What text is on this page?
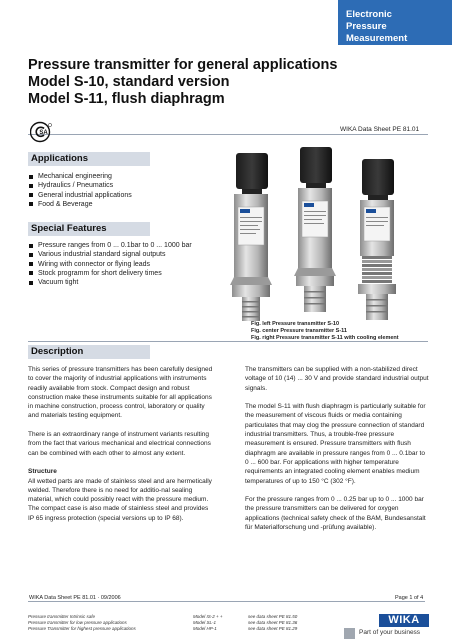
Electronic
Pressure Measurement
Pressure transmitter for general applications
Model S-10, standard version
Model S-11, flush diaphragm
WIKA Data Sheet PE 81.01
SA
Applications
Mechanical engineering
Hydraulics / Pneumatics
General industrial applications
Food & Beverage
Special Features
Pressure ranges from 0 ... 0.1bar to 0 ... 1000 bar
Various industrial standard signal outputs
Wiring with connector or flying leads
Stock programm for short delivery times
Vacuum tight
Fig. left Pressure transmitter S-10
Fig. center Pressure transmitter S-11
Fig. right Pressure transmitter S-11 with cooling element
Description

This series of pressure transmitters has been carefully designed to cover the majority of industrial applications with instruments readily available from stock. Compact design and robust construction make these instruments suitable for all applications in machine construction, process control, laboratory or quality and materials testing equipment.

There is an extraordinary range of instrument variants resulting from the fact that various mechanical and electrical connections can be combined with each other to almost any extent.

Structure

All wetted parts are made of stainless steel and are hermetically welded. Therefore there is no need for additio-nal sealing material, which could possibly react with the pressure medium. The compact case is also made of stainless steel and provides IP 65 ingress protection (special versions up to IP 68).

The transmitters can be supplied with a non-stabilized direct voltage of 10 (14) ... 30 V and provide standard industrial output signals.

The model S-11 with flush diaphragm is particularly suitable for the measurement of viscous fluids or media containing particulates that may clog the pressure connection of standard industrial transmitters. Thus, a trouble-free pressure measurement is ensured. Pressure transmitters with flush diaphragm are available in pressure ranges from 0 ... 0.1bar to 0 ... 600 bar. For applications with higher temperature requirements an integrated cooling element enables medium temperatures of up to 150 °C (302 °F).

For the pressure ranges from 0 ... 0.25 bar up to 0 ... 1000 bar the pressure transmitters can be delivered for oxygen applications (technical safety check of the BAM, Bundesanstalt für Materialforschung und -prüfung available).

WIKA Data Sheet PE 81.01 · 09/2006	Page 1 of 4
Pressure transmitter Intrinsic safe	Model IS-2 + +	see data sheet PE 81.50
Pressure transmitter for low pressure applications	Model SL-1	see data sheet PE 81.36
Pressure Transmitter for highest pressure applications	Model HP-1	see data sheet PE 81.29
WIKA
Part of your business
